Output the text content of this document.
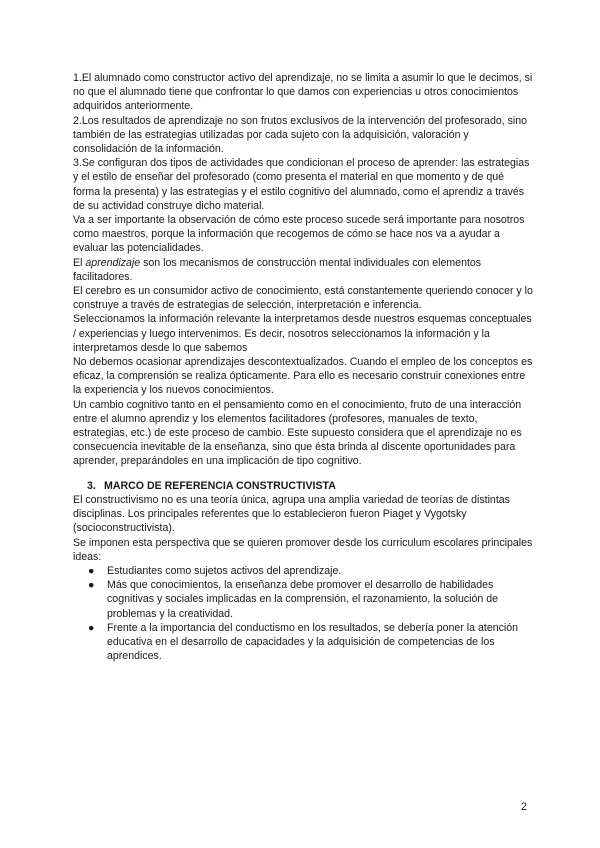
1.El alumnado como constructor activo del aprendizaje, no se limita a asumir lo que le decimos, si no que el alumnado tiene que confrontar lo que damos con experiencias u otros conocimientos adquiridos anteriormente.

2.Los resultados de aprendizaje no son frutos exclusivos de la intervención del profesorado, sino también de las estrategias utilizadas por cada sujeto con la adquisición, valoración y consolidación de la información.

3.Se configuran dos tipos de actividades que condicionan el proceso de aprender: las estrategias y el estilo de enseñar del profesorado (como presenta el material en que momento y de qué forma la presenta) y las estrategias y el estilo cognitivo del alumnado, como el aprendiz a través de su actividad construye dicho material.

Va a ser importante la observación de cómo este proceso sucede será importante para nosotros como maestros, porque la información que recogemos de cómo se hace nos va a ayudar a evaluar las potencialidades.

El aprendizaje son los mecanismos de construcción mental individuales con elementos facilitadores.

El cerebro es un consumidor activo de conocimiento, está constantemente queriendo conocer y lo construye a través de estrategias de selección, interpretación e inferencia.

Seleccionamos la información relevante la interpretamos desde nuestros esquemas conceptuales / experiencias y luego intervenimos. Es decir, nosotros seleccionamos la información y la interpretamos desde lo que sabemos

No debemos ocasionar aprendizajes descontextualizados. Cuando el empleo de los conceptos es eficaz, la comprensión se realiza ópticamente. Para ello es necesario construir conexiones entre la experiencia y los nuevos conocimientos.

Un cambio cognitivo tanto en el pensamiento como en el conocimiento, fruto de una interacción entre el alumno aprendiz y los elementos facilitadores (profesores, manuales de texto, estrategias, etc.) de este proceso de cambio. Este supuesto considera que el aprendizaje no es consecuencia inevitable de la enseñanza, sino que ésta brinda al discente oportunidades para aprender, preparándoles en una implicación de tipo cognitivo.

3. MARCO DE REFERENCIA CONSTRUCTIVISTA

El constructivismo no es una teoría única, agrupa una amplia variedad de teorías de distintas disciplinas. Los principales referentes que lo establecieron fueron Piaget y Vygotsky (socioconstructivista).

Se imponen esta perspectiva que se quieren promover desde los curriculum escolares principales ideas:

● Estudiantes como sujetos activos del aprendizaje.
● Más que conocimientos, la enseñanza debe promover el desarrollo de habilidades cognitivas y sociales implicadas en la comprensión, el razonamiento, la solución de problemas y la creatividad.
● Frente a la importancia del conductismo en los resultados, se debería poner la atención educativa en el desarrollo de capacidades y la adquisición de competencias de los aprendices.
2
